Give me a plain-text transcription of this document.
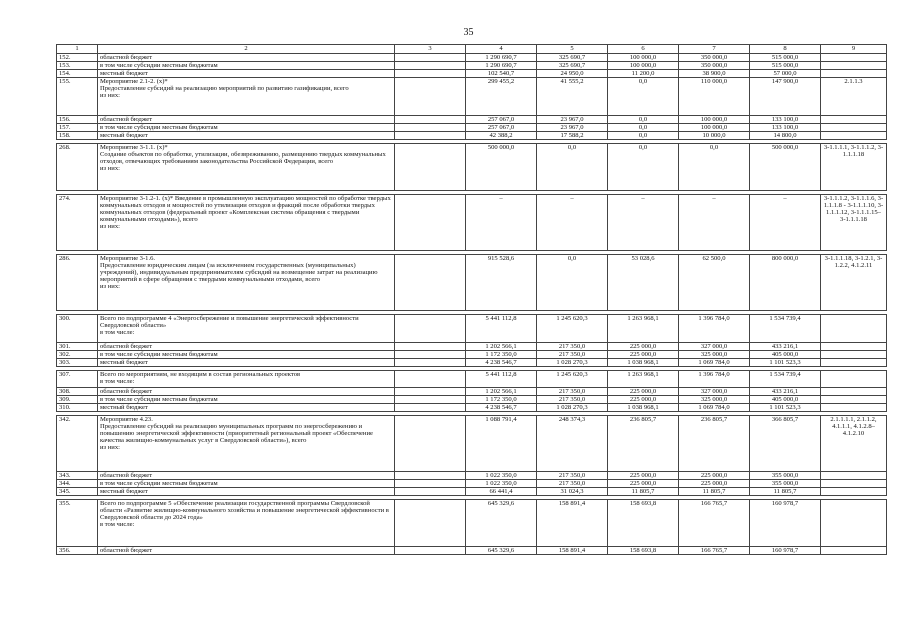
35
1	2	3	4	5	6	7	8	9
152.	областной бюджет		1 290 690,7	325 690,7	100 000,0	350 000,0	515 000,0	
153.	в том числе субсидии местным бюджетам		1 290 690,7	325 690,7	100 000,0	350 000,0	515 000,0	
154.	местный бюджет		102 540,7	24 950,0	11 200,0	38 900,0	57 000,0	
155.	Мероприятие 2.1-2. (х)*
Предоставление субсидий на реализацию мероприятий по развитию газификации, всего
из них:		299 455,2	41 555,2	0,0	110 000,0	147 900,0	2.1.1.3
156.	областной бюджет		257 067,0	23 967,0	0,0	100 000,0	133 100,0	
157.	в том числе субсидии местным бюджетам		257 067,0	23 967,0	0,0	100 000,0	133 100,0	
158.	местный бюджет		42 388,2	17 588,2	0,0	10 000,0	14 800,0	

268.	Мероприятие 3-1.1. (х)*
Создание объектов по обработке, утилизации, обезвреживанию, размещению твердых коммунальных отходов, отвечающих требованиям законодательства Российской Федерации, всего
из них:		500 000,0	0,0	0,0	0,0	500 000,0	3-1.1.1.1, 3-1.1.1.2, 3-1.1.1.18

274.	Мероприятие 3-1.2-1. (х)* Введение в промышленную эксплуатацию мощностей по обработке твердых коммунальных отходов и мощностей по утилизации отходов и фракций после обработки твердых коммунальных отходов (федеральный проект «Комплексная система обращения с твердыми коммунальными отходами»), всего
из них:		–	–	–	–	–	3-1.1.1.2, 3-1.1.1.6, 3-1.1.1.8 - 3-1.1.1.10, 3-1.1.1.12, 3-1.1.1.15– 3-1.1.1.18

286.	Мероприятие 3-1.6.
Предоставление юридическим лицам (за исключением государственных (муниципальных) учреждений), индивидуальным предпринимателям субсидий на возмещение затрат на реализацию мероприятий в сфере обращения с твердыми коммунальными отходами, всего
из них:		915 528,6	0,0	53 028,6	62 500,0	800 000,0	3-1.1.1.18, 3-1.2.1, 3-1.2.2, 4.1.2.11

300.	Всего по подпрограмме 4 «Энергосбережение и повышение энергетической эффективности Свердловской области»
в том числе:		5 441 112,8	1 245 620,3	1 263 968,1	1 396 784,0	1 534 739,4	
301.	областной бюджет		1 202 566,1	217 350,0	225 000,0	327 000,0	433 216,1	
302.	в том числе субсидии местным бюджетам		1 172 350,0	217 350,0	225 000,0	325 000,0	405 000,0	
303.	местный бюджет		4 238 546,7	1 028 270,3	1 038 968,1	1 069 784,0	1 101 523,3	

307.	Всего по мероприятиям, не входящим в состав региональных проектов
в том числе:		5 441 112,8	1 245 620,3	1 263 968,1	1 396 784,0	1 534 739,4	
308.	областной бюджет		1 202 566,1	217 350,0	225 000,0	327 000,0	433 216,1	
309.	в том числе субсидии местным бюджетам		1 172 350,0	217 350,0	225 000,0	325 000,0	405 000,0	
310.	местный бюджет		4 238 546,7	1 028 270,3	1 038 968,1	1 069 784,0	1 101 523,3	

342.	Мероприятие 4.23.
Предоставление субсидий на реализацию муниципальных программ по энергосбережению и повышению энергетической эффективности (приоритетный региональный проект «Обеспечение качества жилищно-коммунальных услуг в Свердловской области»), всего
из них:		1 088 791,4	248 374,3	236 805,7	236 805,7	366 805,7	2.1.1.1.1, 2.1.1.2, 4.1.1.1, 4.1.2.8– 4.1.2.10
343.	областной бюджет		1 022 350,0	217 350,0	225 000,0	225 000,0	355 000,0	
344.	в том числе субсидии местным бюджетам		1 022 350,0	217 350,0	225 000,0	225 000,0	355 000,0	
345.	местный бюджет		66 441,4	31 024,3	11 805,7	11 805,7	11 805,7	

355.	Всего по подпрограмме 5 «Обеспечение реализации государственной программы Свердловской области «Развитие жилищно-коммунального хозяйства и повышение энергетической эффективности в Свердловской области до 2024 года»
в том числе:		645 329,6	158 891,4	158 693,8	166 765,7	160 978,7	
356.	областной бюджет		645 329,6	158 891,4	158 693,8	166 765,7	160 978,7	
